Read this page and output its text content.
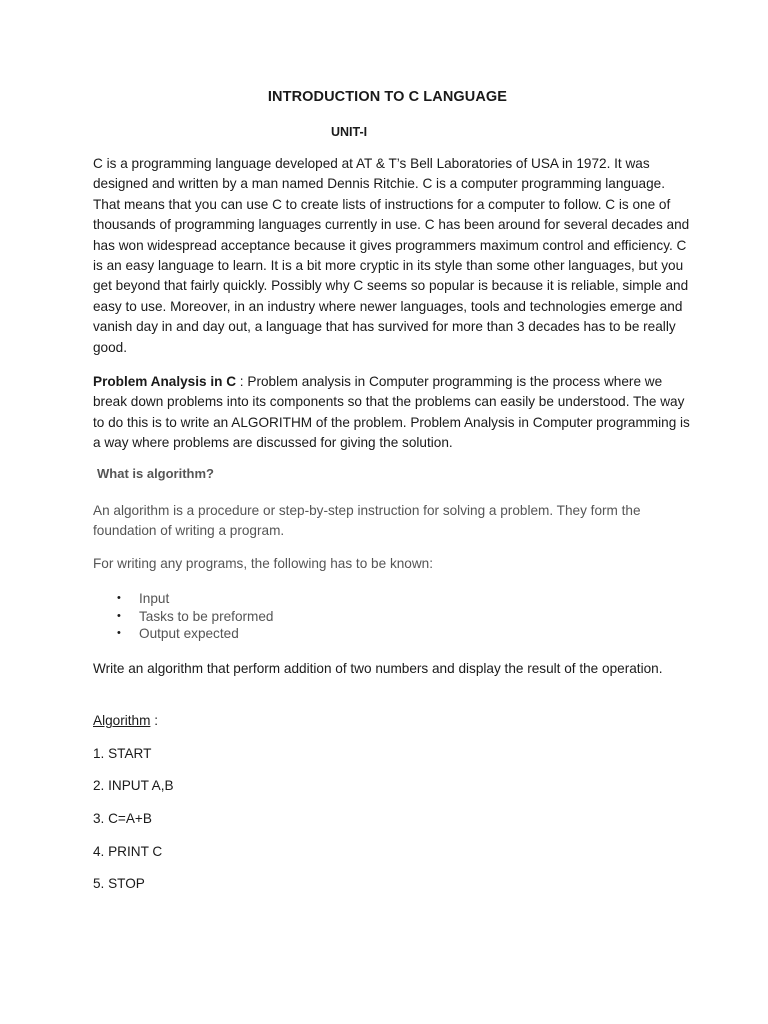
INTRODUCTION TO C LANGUAGE
UNIT-I

C is a programming language developed at AT & T’s Bell Laboratories of USA in 1972. It was designed and written by a man named Dennis Ritchie. C is a computer programming language. That means that you can use C to create lists of instructions for a computer to follow. C is one of thousands of programming languages currently in use. C has been around for several decades and has won widespread acceptance because it gives programmers maximum control and efficiency. C is an easy language to learn. It is a bit more cryptic in its style than some other languages, but you get beyond that fairly quickly. Possibly why C seems so popular is because it is reliable, simple and easy to use. Moreover, in an industry where newer languages, tools and technologies emerge and vanish day in and day out, a language that has survived for more than 3 decades has to be really good.

Problem Analysis in C : Problem analysis in Computer programming is the process where we break down problems into its components so that the problems can easily be understood. The way to do this is to write an ALGORITHM of the problem. Problem Analysis in Computer programming is a way where problems are discussed for giving the solution.

What is algorithm?

An algorithm is a procedure or step-by-step instruction for solving a problem. They form the foundation of writing a program.

For writing any programs, the following has to be known:

• Input
• Tasks to be preformed
• Output expected

Write an algorithm that perform addition of two numbers and display the result of the operation.

Algorithm :
1. START
2. INPUT A,B
3. C=A+B
4. PRINT C
5. STOP
